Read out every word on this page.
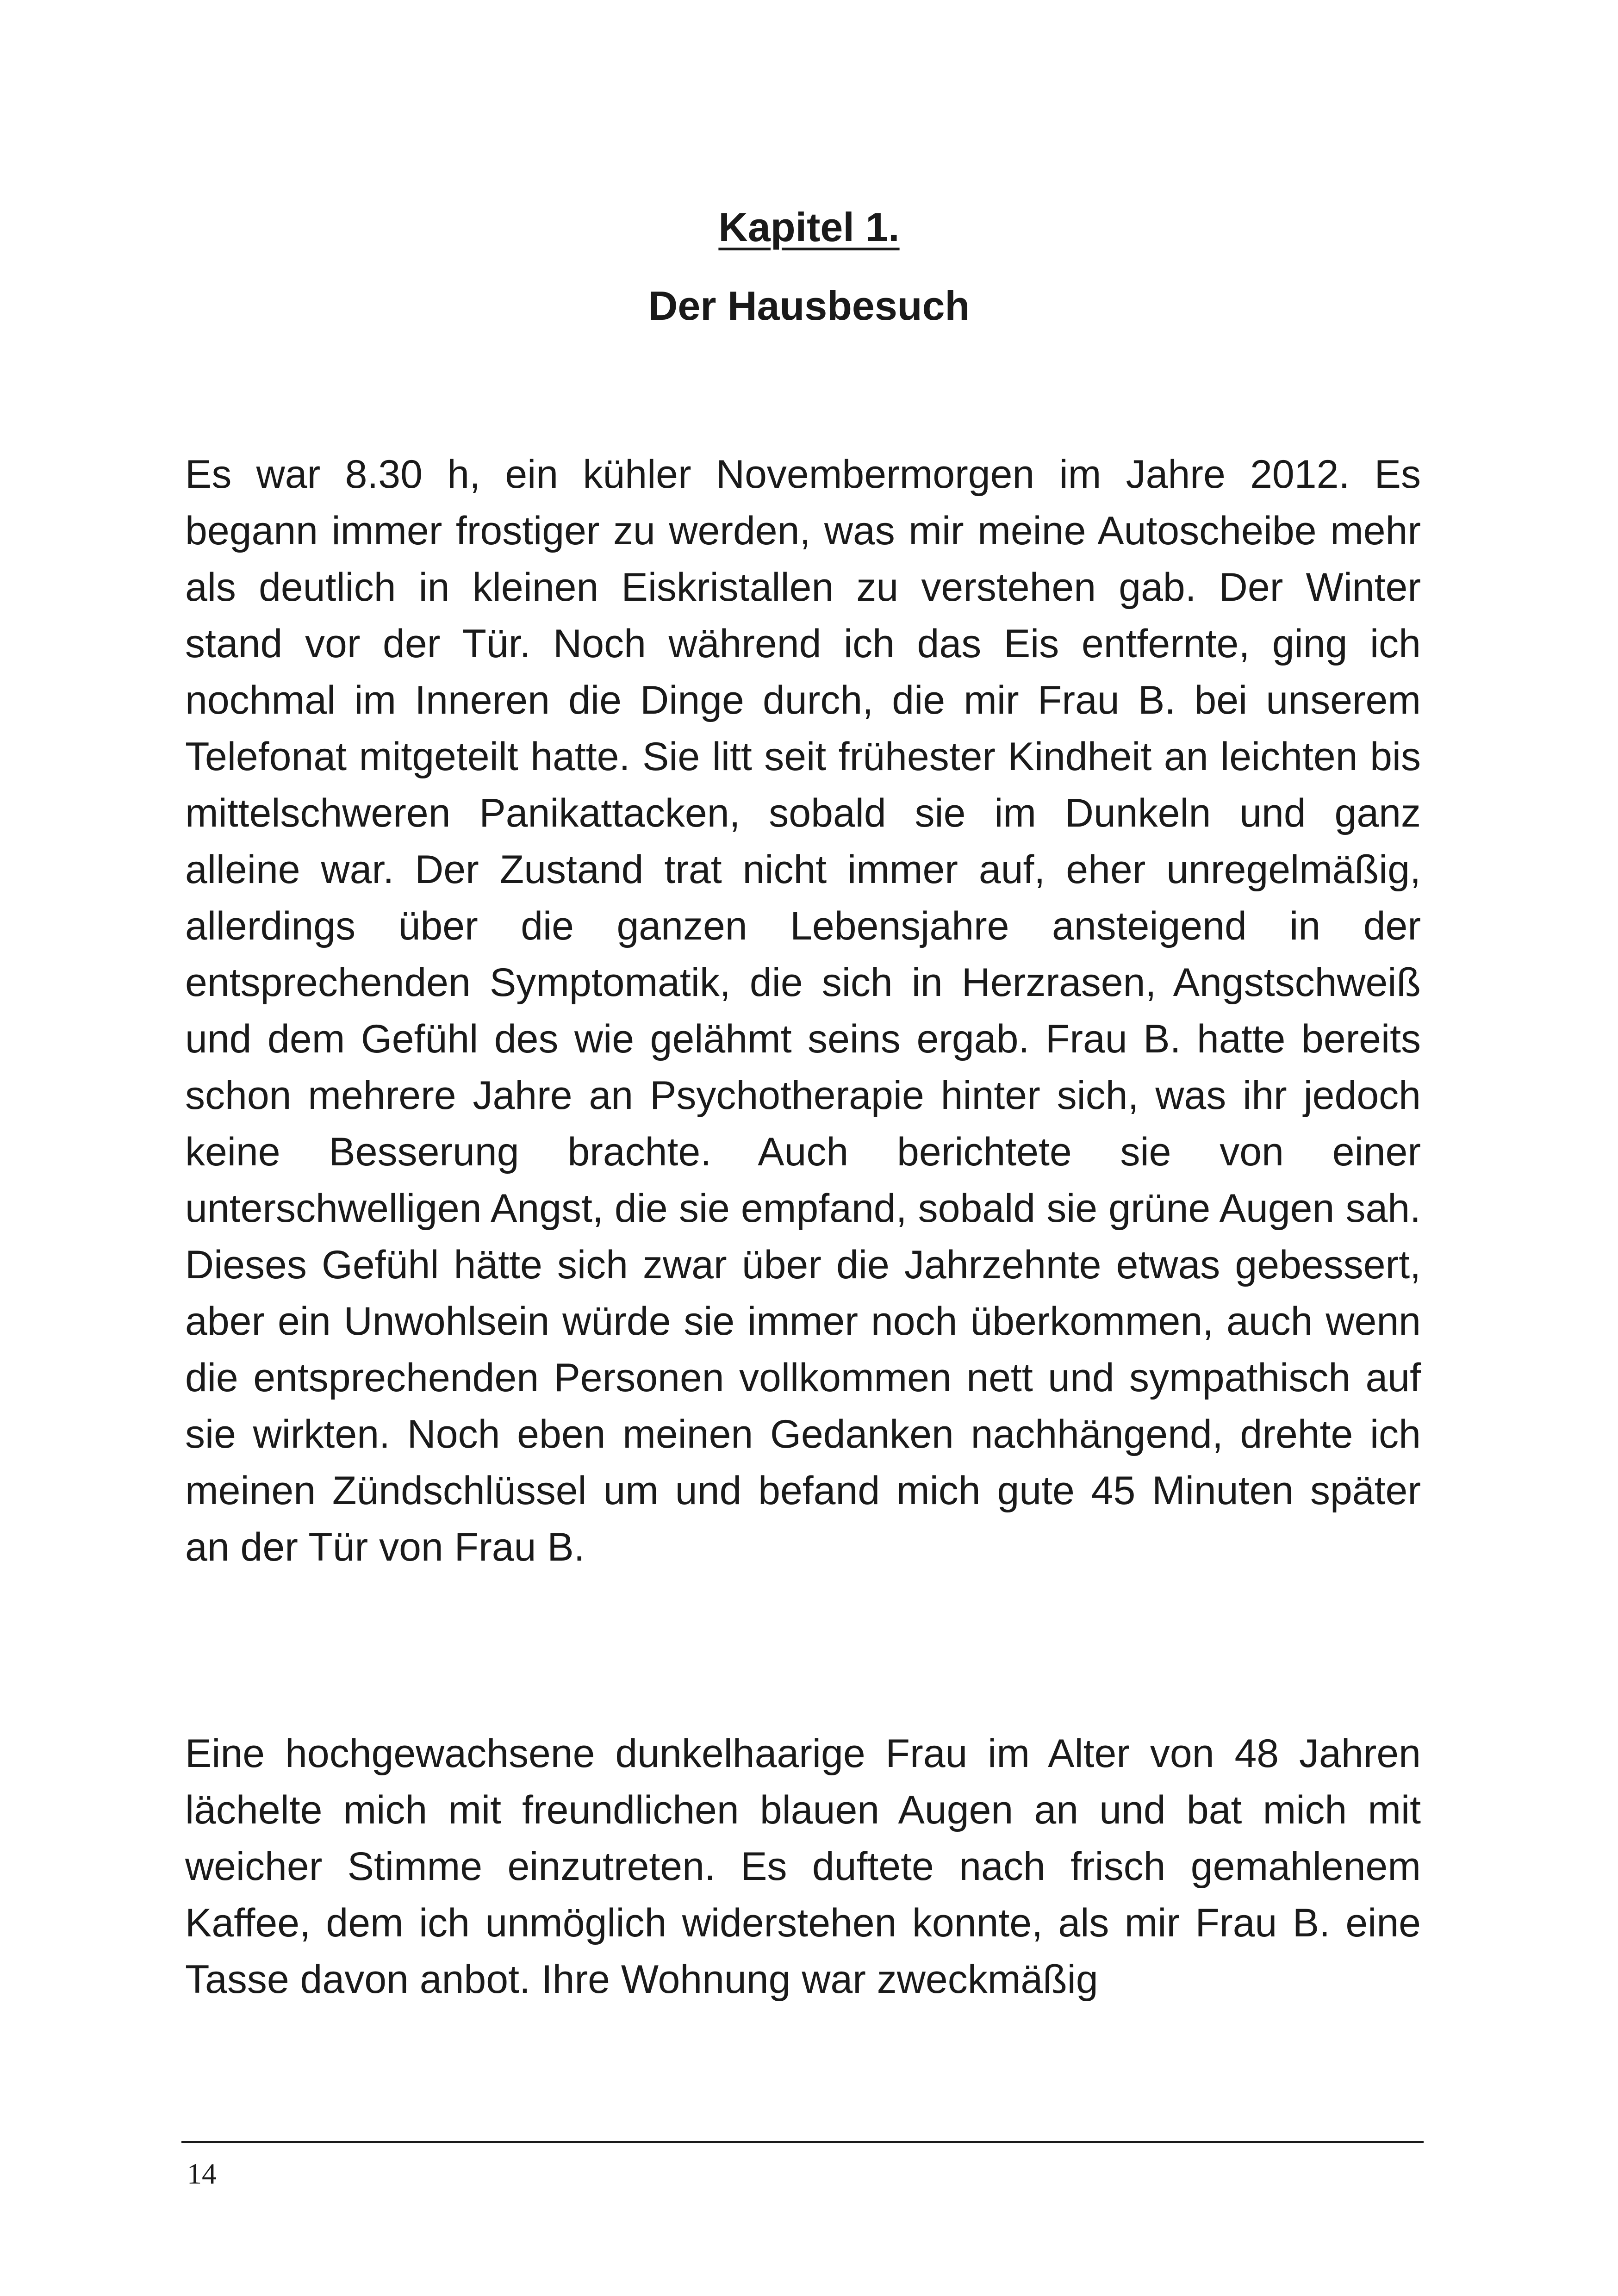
Kapitel 1.
Der Hausbesuch

Es war 8.30 h, ein kühler Novembermorgen im Jahre 2012. Es begann immer frostiger zu werden, was mir meine Autoscheibe mehr als deutlich in kleinen Eiskristallen zu verstehen gab. Der Winter stand vor der Tür. Noch während ich das Eis entfernte, ging ich nochmal im Inneren die Dinge durch, die mir Frau B. bei unserem Telefonat mitgeteilt hatte. Sie litt seit frühester Kindheit an leichten bis mittelschweren Panikattacken, sobald sie im Dunkeln und ganz alleine war. Der Zustand trat nicht immer auf, eher unregelmäßig, allerdings über die ganzen Lebensjahre ansteigend in der entsprechenden Symptomatik, die sich in Herzrasen, Angstschweiß und dem Gefühl des wie gelähmt seins ergab. Frau B. hatte bereits schon mehrere Jahre an Psychotherapie hinter sich, was ihr jedoch keine Besserung brachte. Auch berichtete sie von einer unterschwelligen Angst, die sie empfand, sobald sie grüne Augen sah. Dieses Gefühl hätte sich zwar über die Jahrzehnte etwas gebessert, aber ein Unwohlsein würde sie immer noch überkommen, auch wenn die entsprechenden Personen vollkommen nett und sympathisch auf sie wirkten. Noch eben meinen Gedanken nachhängend, drehte ich meinen Zündschlüssel um und befand mich gute 45 Minuten später an der Tür von Frau B.

Eine hochgewachsene dunkelhaarige Frau im Alter von 48 Jahren lächelte mich mit freundlichen blauen Augen an und bat mich mit weicher Stimme einzutreten. Es duftete nach frisch gemahlenem Kaffee, dem ich unmöglich widerstehen konnte, als mir Frau B. eine Tasse davon anbot. Ihre Wohnung war zweckmäßig

14
